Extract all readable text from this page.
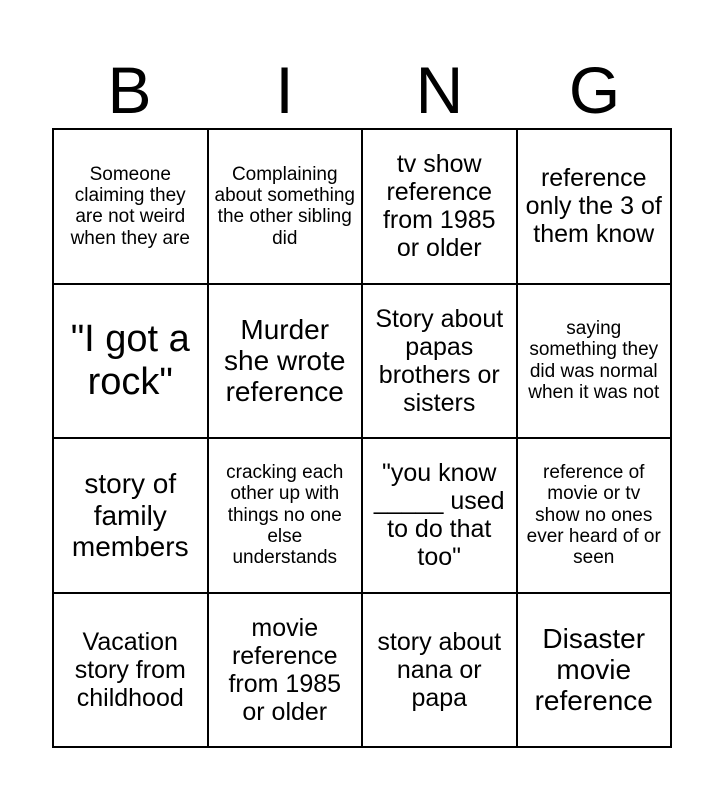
B	I	N	G
Someone claiming they are not weird when they are
Complaining about something the other sibling did
tv show reference from 1985 or older
reference only the 3 of them know
"I got a rock"
Murder she wrote reference
Story about papas brothers or sisters
saying something they did was normal when it was not
story of family members
cracking each other up with things no one else understands
"you know _____ used to do that too"
reference of movie or tv show no ones ever heard of or seen
Vacation story from childhood
movie reference from 1985 or older
story about nana or papa
Disaster movie reference
